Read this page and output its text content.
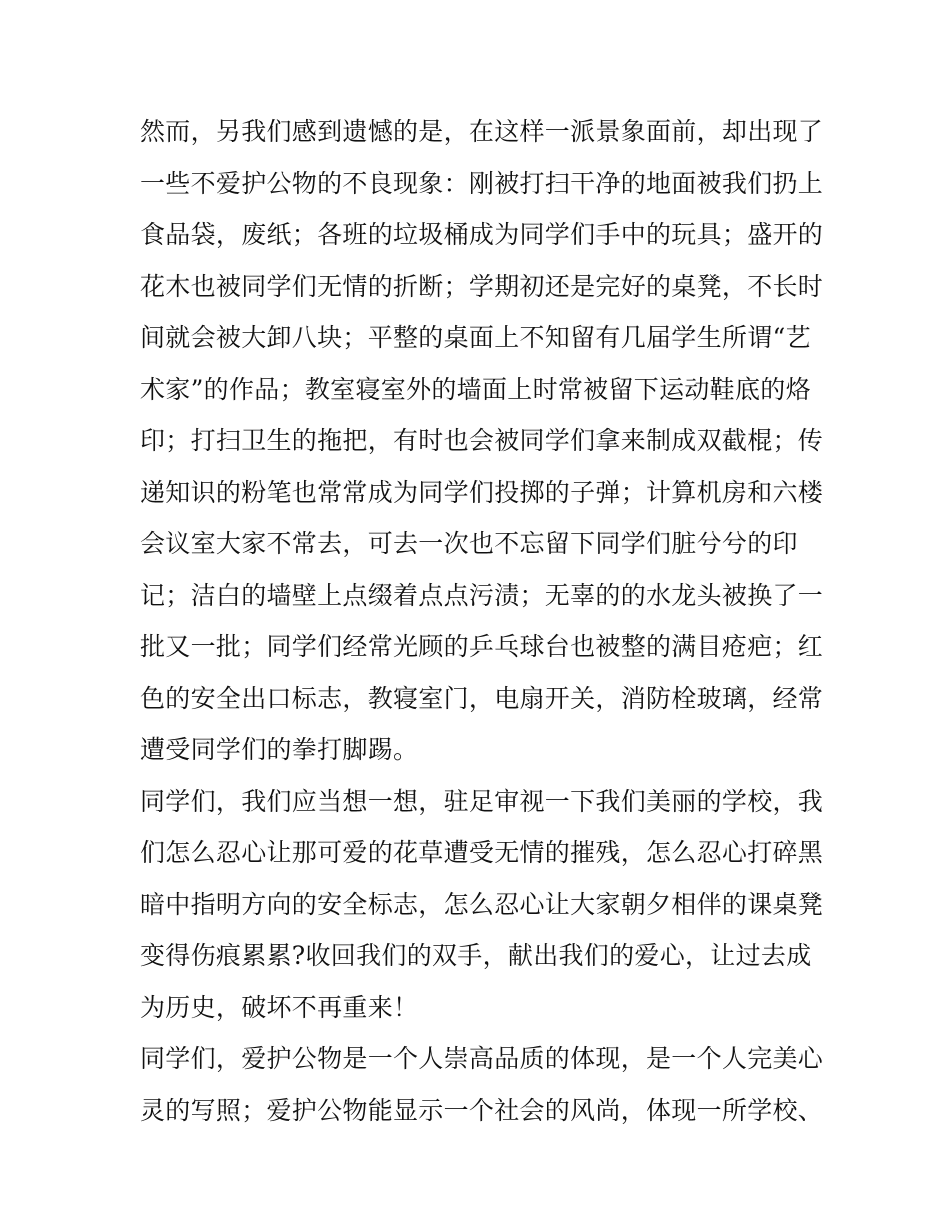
然而，另我们感到遗憾的是，在这样一派景象面前，却出现了
一些不爱护公物的不良现象：刚被打扫干净的地面被我们扔上
食品袋，废纸；各班的垃圾桶成为同学们手中的玩具；盛开的
花木也被同学们无情的折断；学期初还是完好的桌凳，不长时
间就会被大卸八块；平整的桌面上不知留有几届学生所谓“艺
术家”的作品；教室寝室外的墙面上时常被留下运动鞋底的烙
印；打扫卫生的拖把，有时也会被同学们拿来制成双截棍；传
递知识的粉笔也常常成为同学们投掷的子弹；计算机房和六楼
会议室大家不常去，可去一次也不忘留下同学们脏兮兮的印
记；洁白的墙壁上点缀着点点污渍；无辜的的水龙头被换了一
批又一批；同学们经常光顾的乒乓球台也被整的满目疮疤；红
色的安全出口标志，教寝室门，电扇开关，消防栓玻璃，经常
遭受同学们的拳打脚踢。
同学们，我们应当想一想，驻足审视一下我们美丽的学校，我
们怎么忍心让那可爱的花草遭受无情的摧残，怎么忍心打碎黑
暗中指明方向的安全标志，怎么忍心让大家朝夕相伴的课桌凳
变得伤痕累累?收回我们的双手，献出我们的爱心，让过去成
为历史，破坏不再重来！
同学们，爱护公物是一个人崇高品质的体现，是一个人完美心
灵的写照；爱护公物能显示一个社会的风尚，体现一所学校、
